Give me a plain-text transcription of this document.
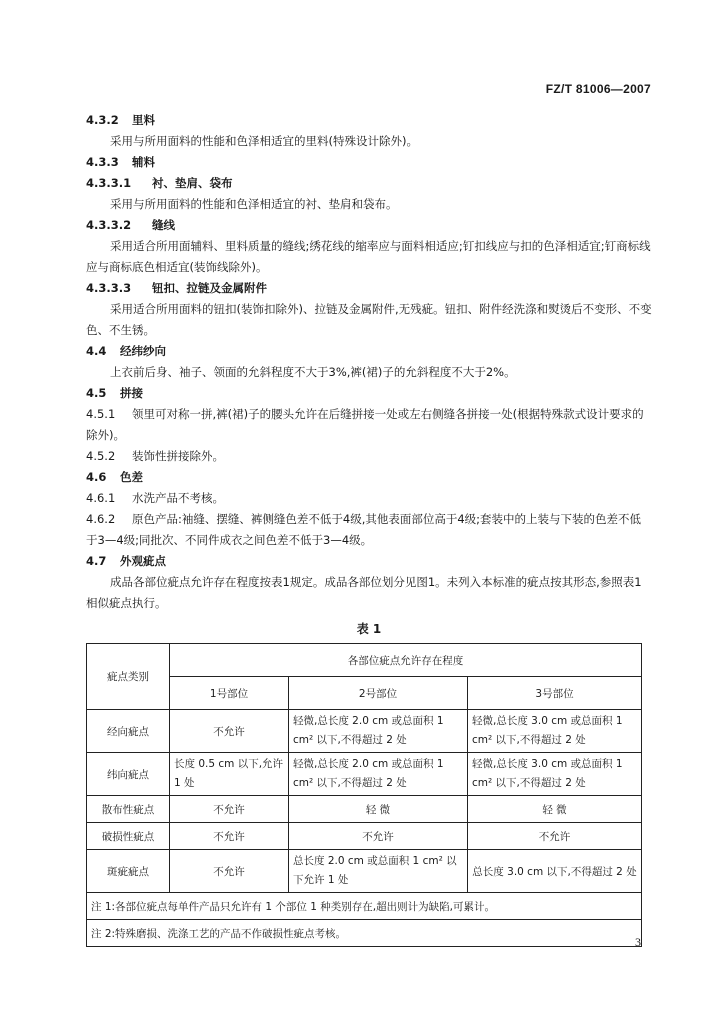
FZ/T 81006—2007
4.3.2 里料
采用与所用面料的性能和色泽相适宜的里料(特殊设计除外)。
4.3.3 辅料
4.3.3.1 衬、垫肩、袋布
采用与所用面料的性能和色泽相适宜的衬、垫肩和袋布。
4.3.3.2 缝线
采用适合所用面辅料、里料质量的缝线;绣花线的缩率应与面料相适应;钉扣线应与扣的色泽相适宜;钉商标线应与商标底色相适宜(装饰线除外)。
4.3.3.3 钮扣、拉链及金属附件
采用适合所用面料的钮扣(装饰扣除外)、拉链及金属附件,无残疵。钮扣、附件经洗涤和熨烫后不变形、不变色、不生锈。
4.4 经纬纱向
上衣前后身、袖子、领面的允斜程度不大于3%,裤(裙)子的允斜程度不大于2%。
4.5 拼接
4.5.1 领里可对称一拼,裤(裙)子的腰头允许在后缝拼接一处或左右侧缝各拼接一处(根据特殊款式设计要求的除外)。
4.5.2 装饰性拼接除外。
4.6 色差
4.6.1 水洗产品不考核。
4.6.2 原色产品:袖缝、摆缝、裤侧缝色差不低于4级,其他表面部位高于4级;套装中的上装与下装的色差不低于3—4级;同批次、不同件成衣之间色差不低于3—4级。
4.7 外观疵点
成品各部位疵点允许存在程度按表1规定。成品各部位划分见图1。未列入本标准的疵点按其形态,参照表1相似疵点执行。
表 1
疵点类别	各部位疵点允许存在程度		
	1号部位	2号部位	3号部位
经向疵点	不允许	轻微,总长度 2.0 cm 或总面积 1 cm² 以下,不得超过 2 处	轻微,总长度 3.0 cm 或总面积 1 cm² 以下,不得超过 2 处
纬向疵点	长度 0.5 cm 以下,允许 1 处	轻微,总长度 2.0 cm 或总面积 1 cm² 以下,不得超过 2 处	轻微,总长度 3.0 cm 或总面积 1 cm² 以下,不得超过 2 处
散布性疵点	不允许	轻 微	轻 微
破损性疵点	不允许	不允许	不允许
斑疵疵点	不允许	总长度 2.0 cm 或总面积 1 cm² 以下允许 1 处	总长度 3.0 cm 以下,不得超过 2 处
注 1:各部位疵点每单件产品只允许有 1 个部位 1 种类别存在,超出则计为缺陷,可累计。			
注 2:特殊磨损、洗涤工艺的产品不作破损性疵点考核。			
3
